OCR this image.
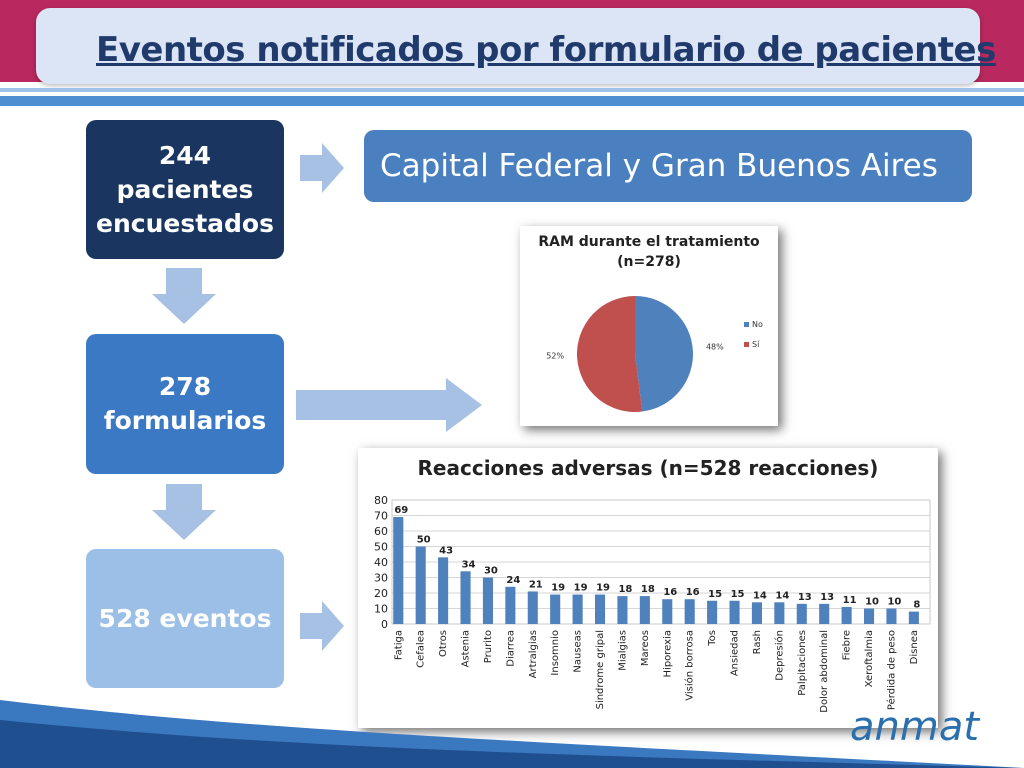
Eventos notificados por formulario de pacientes
244
pacientes
encuestados
278
formularios
528 eventos
Capital Federal y Gran Buenos Aires
RAM durante el tratamiento
(n=278)
48%
52%
No
Sí
Reacciones adversas (n=528 reacciones)
0
10
20
30
40
50
60
70
80
69
Fatiga
50
Cefalea
43
Otros
34
Astenia
30
Prurito
24
Diarrea
21
Artralgias
19
Insomnio
19
Nauseas
19
Sindrome gripal
18
Mialgias
18
Mareos
16
Hiporexia
16
Visión borrosa
15
Tos
15
Ansiedad
14
Rash
14
Depresión
13
Palpitaciones
13
Dolor abdominal
11
Fiebre
10
Xeroftalmia
10
Pérdida de peso
8
Disnea
anmat
